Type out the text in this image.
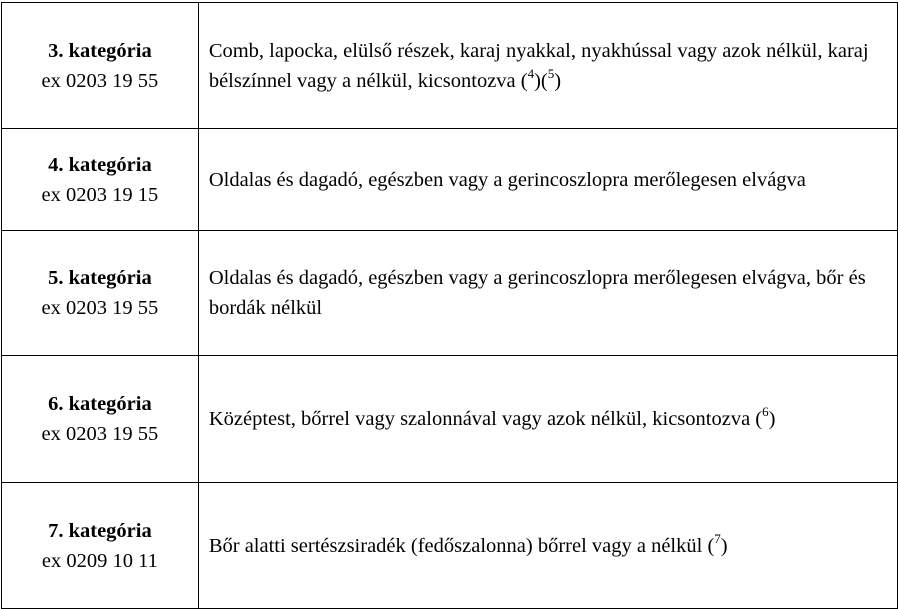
3. kategória
ex 0203 19 55	Comb, lapocka, elülső részek, karaj nyakkal, nyakhússal vagy azok nélkül, karaj bélszínnel vagy a nélkül, kicsontozva ($^4$)($^5$)

4. kategória
ex 0203 19 15	Oldalas és dagadó, egészben vagy a gerincoszlopra merőlegesen elvágva

5. kategória
ex 0203 19 55	Oldalas és dagadó, egészben vagy a gerincoszlopra merőlegesen elvágva, bőr és bordák nélkül

6. kategória
ex 0203 19 55	Középtest, bőrrel vagy szalonnával vagy azok nélkül, kicsontozva ($^6$)

7. kategória
ex 0209 10 11	Bőr alatti sertészsiradék (fedőszalonna) bőrrel vagy a nélkül ($^7$)
